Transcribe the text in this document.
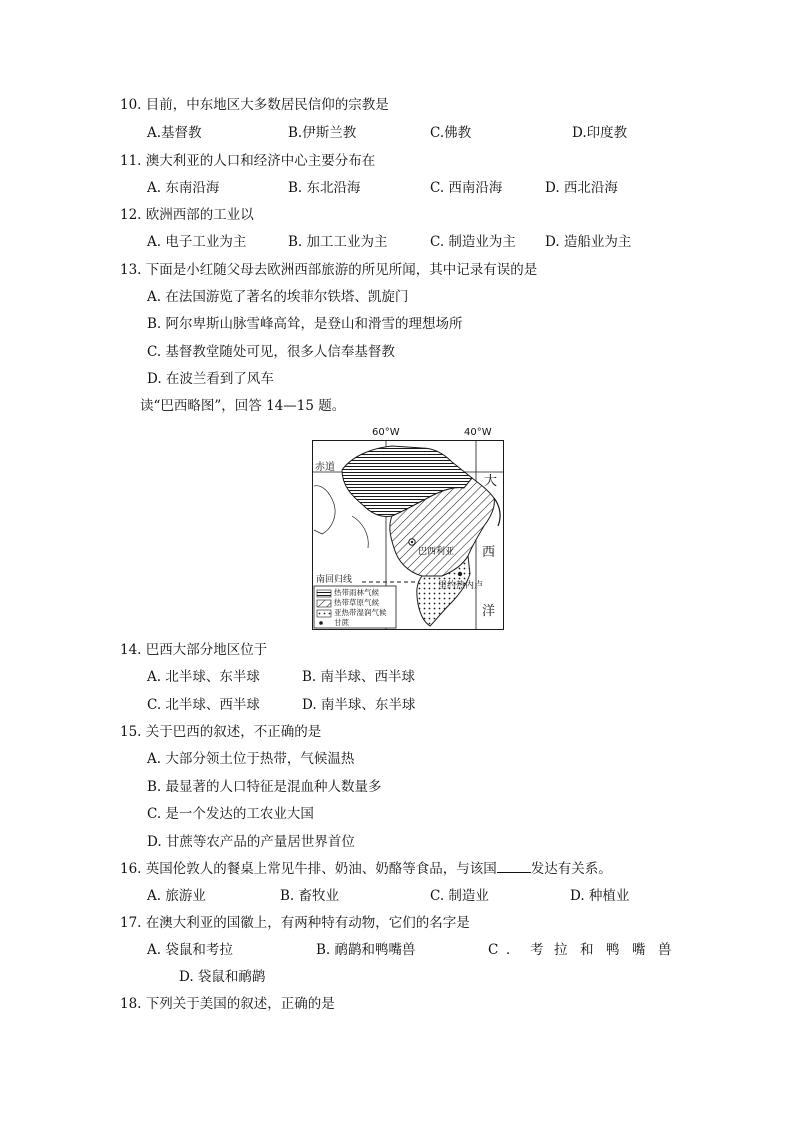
10. 目前，中东地区大多数居民信仰的宗教是
A.基督教	B.伊斯兰教	C.佛教	D.印度教
11. 澳大利亚的人口和经济中心主要分布在
A. 东南沿海	B. 东北沿海	C. 西南沿海	D. 西北沿海
12. 欧洲西部的工业以
A. 电子工业为主	B. 加工工业为主	C. 制造业为主 D. 造船业为主
13. 下面是小红随父母去欧洲西部旅游的所见所闻，其中记录有误的是
A. 在法国游览了著名的埃菲尔铁塔、凯旋门
B. 阿尔卑斯山脉雪峰高耸，是登山和滑雪的理想场所
C. 基督教堂随处可见，很多人信奉基督教
D. 在波兰看到了风车
读“巴西略图”，回答 14—15 题。
60°W	40°W
赤道
巴西利亚
里约热内卢
南回归线
大
西
洋
热带雨林气候
热带草原气候
亚热带湿润气候
甘蔗
14. 巴西大部分地区位于
A. 北半球、东半球	B. 南半球、西半球
C. 北半球、西半球	D. 南半球、东半球
15. 关于巴西的叙述，不正确的是
A. 大部分领土位于热带，气候温热
B. 最显著的人口特征是混血种人数量多
C. 是一个发达的工农业大国
D. 甘蔗等农产品的产量居世界首位
16. 英国伦敦人的餐桌上常见牛排、奶油、奶酪等食品，与该国	发达有关系。
A. 旅游业	B. 畜牧业	C. 制造业	D. 种植业
17. 在澳大利亚的国徽上，有两种特有动物，它们的名字是
A. 袋鼠和考拉	B. 鸸鹋和鸭嘴兽	C ． 考 拉 和 鸭 嘴 兽
D. 袋鼠和鸸鹋
18. 下列关于美国的叙述，正确的是
